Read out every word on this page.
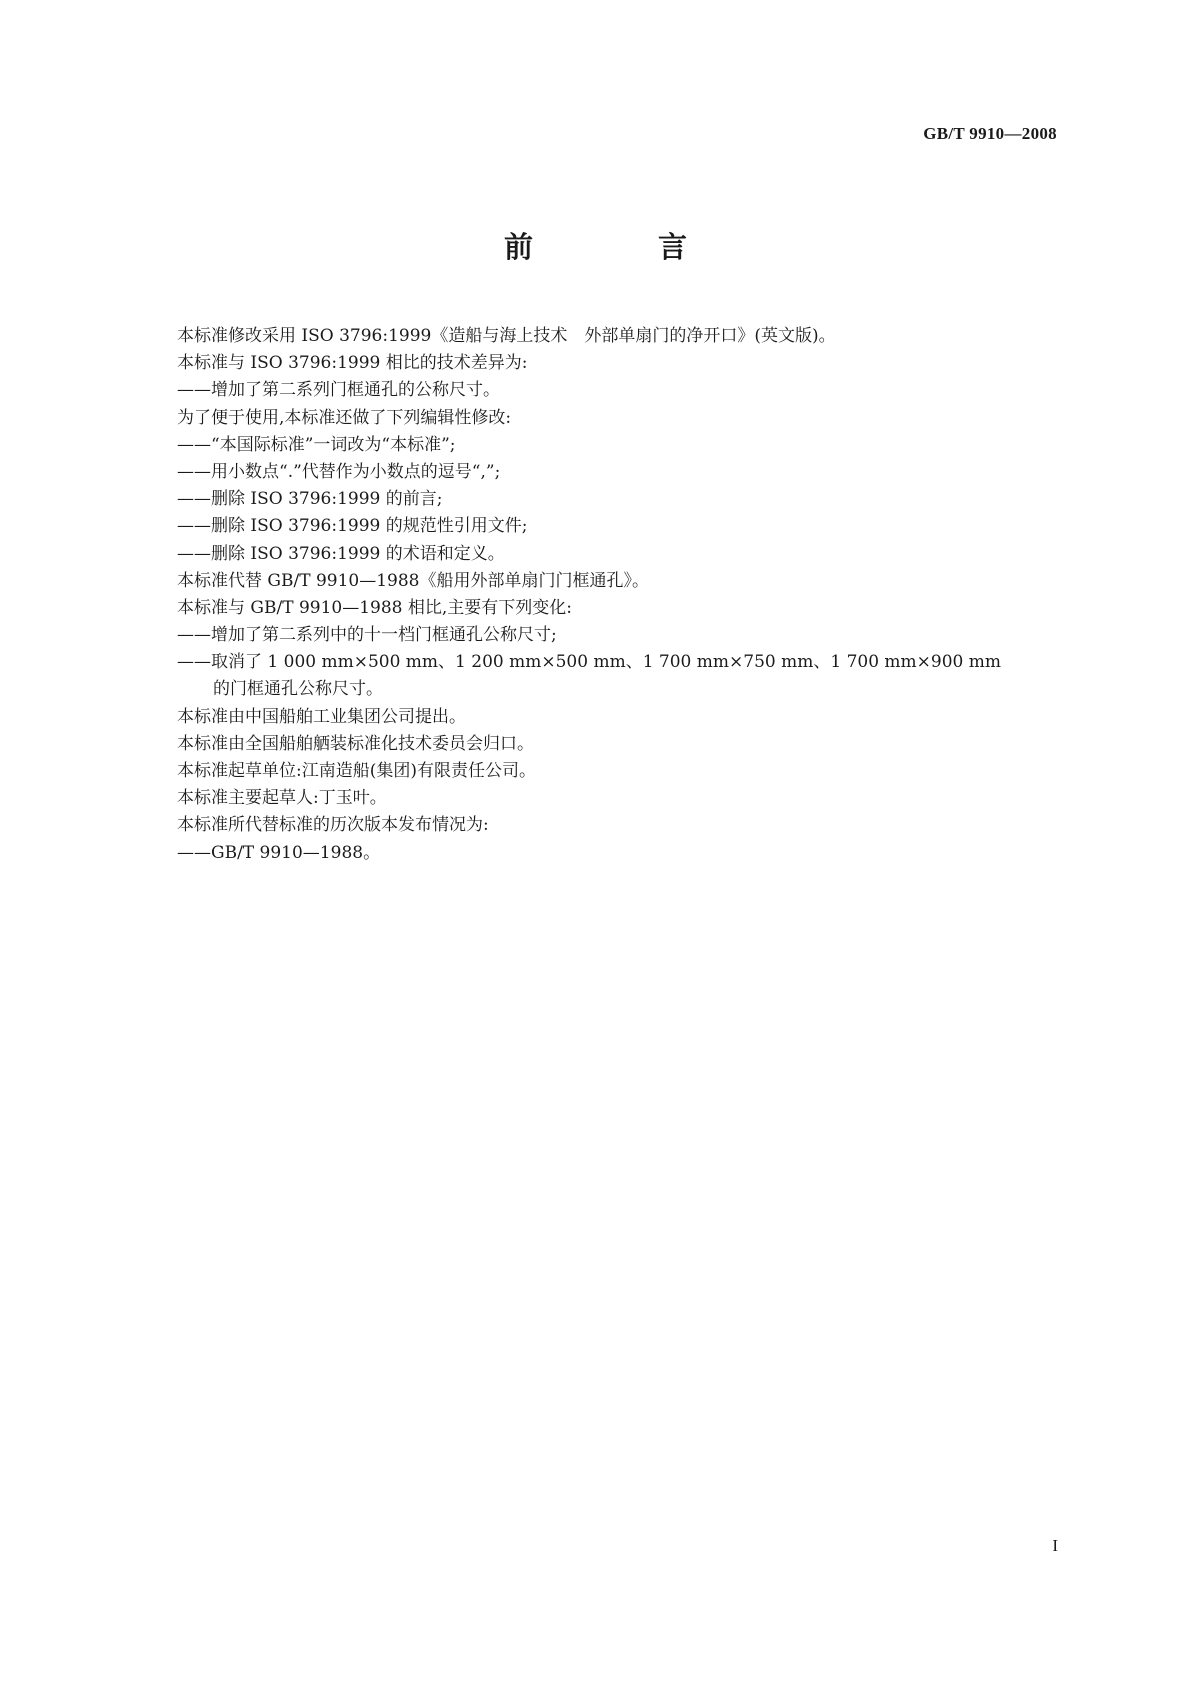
GB/T 9910—2008
前　言
本标准修改采用 ISO 3796:1999《造船与海上技术　外部单扇门的净开口》(英文版)。
本标准与 ISO 3796:1999 相比的技术差异为:
——增加了第二系列门框通孔的公称尺寸。
为了便于使用,本标准还做了下列编辑性修改:
——“本国际标准”一词改为“本标准”;
——用小数点“.”代替作为小数点的逗号“,”;
——删除 ISO 3796:1999 的前言;
——删除 ISO 3796:1999 的规范性引用文件;
——删除 ISO 3796:1999 的术语和定义。
本标准代替 GB/T 9910—1988《船用外部单扇门门框通孔》。
本标准与 GB/T 9910—1988 相比,主要有下列变化:
——增加了第二系列中的十一档门框通孔公称尺寸;
——取消了 1 000 mm×500 mm、1 200 mm×500 mm、1 700 mm×750 mm、1 700 mm×900 mm
的门框通孔公称尺寸。
本标准由中国船舶工业集团公司提出。
本标准由全国船舶舾装标准化技术委员会归口。
本标准起草单位:江南造船(集团)有限责任公司。
本标准主要起草人:丁玉叶。
本标准所代替标准的历次版本发布情况为:
——GB/T 9910—1988。
I
